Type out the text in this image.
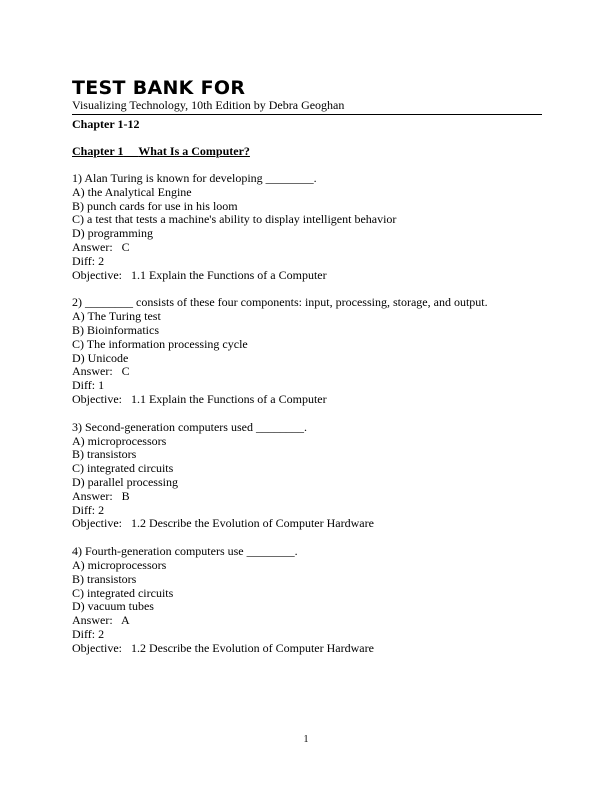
TEST BANK FOR
Visualizing Technology, 10th Edition by Debra Geoghan
Chapter 1-12
Chapter 1 What Is a Computer?
1) Alan Turing is known for developing ________.
A) the Analytical Engine
B) punch cards for use in his loom
C) a test that tests a machine's ability to display intelligent behavior
D) programming
Answer:   C
Diff: 2
Objective:   1.1 Explain the Functions of a Computer
2) ________ consists of these four components: input, processing, storage, and output.
A) The Turing test
B) Bioinformatics
C) The information processing cycle
D) Unicode
Answer:   C
Diff: 1
Objective:   1.1 Explain the Functions of a Computer
3) Second-generation computers used ________.
A) microprocessors
B) transistors
C) integrated circuits
D) parallel processing
Answer:   B
Diff: 2
Objective:   1.2 Describe the Evolution of Computer Hardware
4) Fourth-generation computers use ________.
A) microprocessors
B) transistors
C) integrated circuits
D) vacuum tubes
Answer:   A
Diff: 2
Objective:   1.2 Describe the Evolution of Computer Hardware
1
